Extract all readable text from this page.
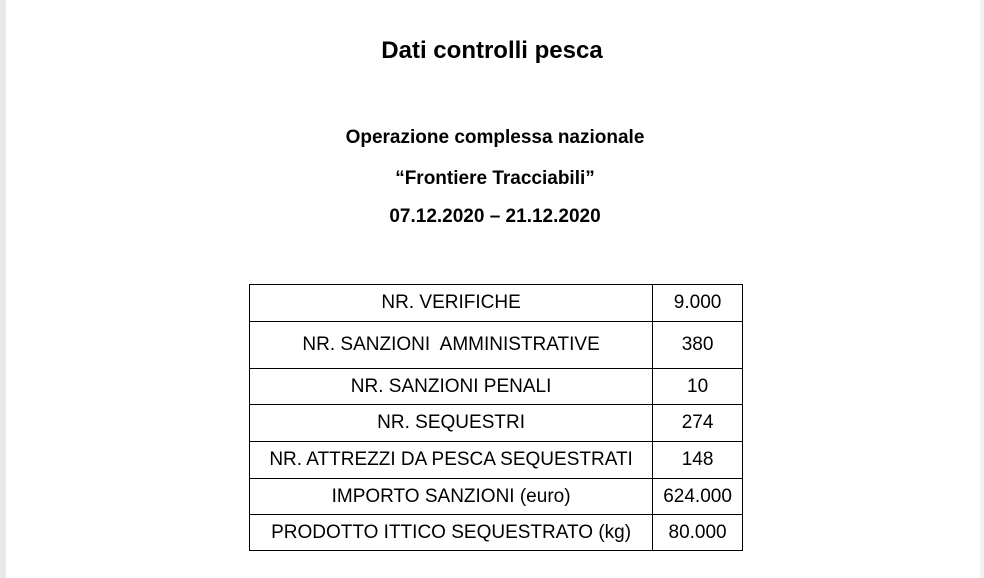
Dati controlli pesca
Operazione complessa nazionale
“Frontiere Tracciabili”
07.12.2020 – 21.12.2020
NR. VERIFICHE	9.000
NR. SANZIONI  AMMINISTRATIVE	380
NR. SANZIONI PENALI	10
NR. SEQUESTRI	274
NR. ATTREZZI DA PESCA SEQUESTRATI	148
IMPORTO SANZIONI (euro)	624.000
PRODOTTO ITTICO SEQUESTRATO (kg)	80.000
